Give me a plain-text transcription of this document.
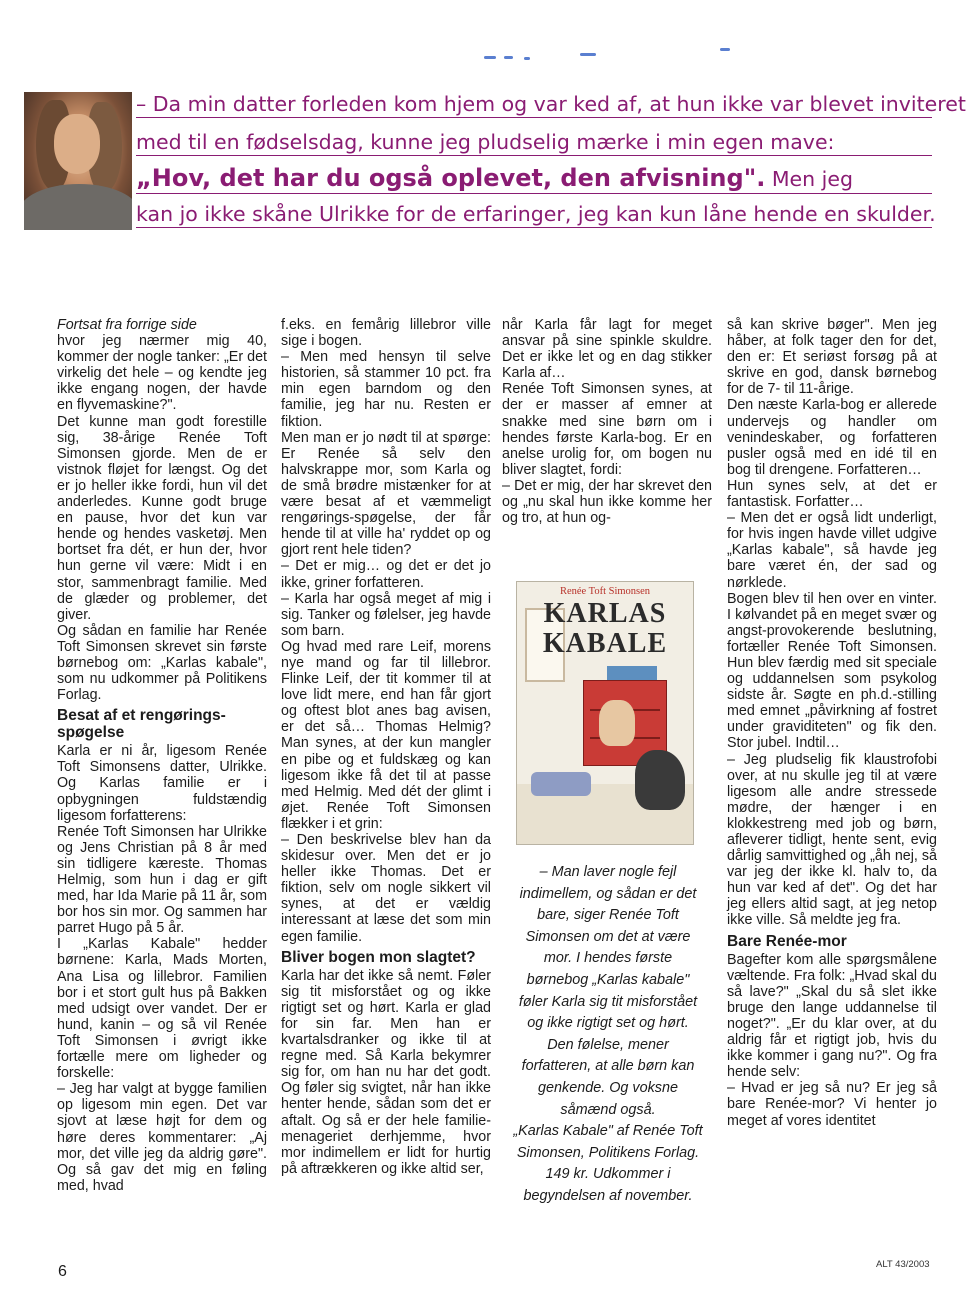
– Da min datter forleden kom hjem og var ked af, at hun ikke var blevet inviteret
med til en fødselsdag, kunne jeg pludselig mærke i min egen mave:
„Hov, det har du også oplevet, den afvisning". Men jeg
kan jo ikke skåne Ulrikke for de erfaringer, jeg kan kun låne hende en skulder.

Fortsat fra forrige side

hvor jeg nærmer mig 40, kommer der nogle tanker: „Er det virkelig det hele – og kendte jeg ikke engang nogen, der havde en flyvemaskine?".

Det kunne man godt forestille sig, 38-årige Renée Toft Simonsen gjorde. Men de er vistnok fløjet for længst. Og det er jo heller ikke fordi, hun vil det anderledes. Kunne godt bruge en pause, hvor det kun var hende og hendes vasketøj. Men bortset fra dét, er hun der, hvor hun gerne vil være: Midt i en stor, sammenbragt familie. Med de glæder og problemer, det giver.

Og sådan en familie har Renée Toft Simonsen skrevet sin første børnebog om: „Karlas kabale", som nu udkommer på Politikens Forlag.

Besat af et rengøringsspøgelse

Karla er ni år, ligesom Renée Toft Simonsens datter, Ulrikke. Og Karlas familie er i opbygningen fuldstændig ligesom forfatterens:

Renée Toft Simonsen har Ulrikke og Jens Christian på 8 år med sin tidligere kæreste. Thomas Helmig, som hun i dag er gift med, har Ida Marie på 11 år, som bor hos sin mor. Og sammen har parret Hugo på 5 år.

I „Karlas Kabale" hedder børnene: Karla, Mads Morten, Ana Lisa og lillebror. Familien bor i et stort gult hus på Bakken med udsigt over vandet. Der er hund, kanin – og så vil Renée Toft Simonsen i øvrigt ikke fortælle mere om ligheder og forskelle:

– Jeg har valgt at bygge familien op ligesom min egen. Det var sjovt at læse højt for dem og høre deres kommentarer: „Aj mor, det ville jeg da aldrig gøre". Og så gav det mig en føling med, hvad

f.eks. en femårig lillebror ville sige i bogen.

– Men med hensyn til selve historien, så stammer 10 pct. fra min egen barndom og den familie, jeg har nu. Resten er fiktion.

Men man er jo nødt til at spørge: Er Renée så selv den halvskrappe mor, som Karla og de små brødre mistænker for at være besat af et væmmeligt rengørings-spøgelse, der får hende til at ville ha' ryddet op og gjort rent hele tiden?

– Det er mig… og det er det jo ikke, griner forfatteren.

– Karla har også meget af mig i sig. Tanker og følelser, jeg havde som barn.

Og hvad med rare Leif, morens nye mand og far til lillebror. Flinke Leif, der tit kommer til at love lidt mere, end han får gjort og oftest blot anes bag avisen, er det så… Thomas Helmig? Man synes, at der kun mangler en pibe og et fuldskæg og kan ligesom ikke få det til at passe med Helmig. Med dét der glimt i øjet. Renée Toft Simonsen flækker i et grin:

– Den beskrivelse blev han da skidesur over. Men det er jo heller ikke Thomas. Det er fiktion, selv om nogle sikkert vil synes, at det er vældig interessant at læse det som min egen familie.

Bliver bogen mon slagtet?

Karla har det ikke så nemt. Føler sig tit misforstået og og ikke rigtigt set og hørt. Karla er glad for sin far. Men han er kvartalsdranker og ikke til at regne med. Så Karla bekymrer sig for, om han nu har det godt. Og føler sig svigtet, når han ikke henter hende, sådan som det er aftalt. Og så er der hele familie-menageriet derhjemme, hvor mor indimellem er lidt for hurtig på aftrækkeren og ikke altid ser,

når Karla får lagt for meget ansvar på sine spinkle skuldre. Det er ikke let og en dag stikker Karla af…

Renée Toft Simonsen synes, at der er masser af emner at snakke med sine børn om i hendes første Karla-bog. Er en anelse urolig for, om bogen nu bliver slagtet, fordi:

– Det er mig, der har skrevet den og „nu skal hun ikke komme her og tro, at hun og-

Renée Toft Simonsen
KARLAS
KABALE

– Man laver nogle fejl indimellem, og sådan er det bare, siger Renée Toft Simonsen om det at være mor. I hendes første børnebog „Karlas kabale" føler Karla sig tit misforstået og ikke rigtigt set og hørt.

Den følelse, mener forfatteren, at alle børn kan genkende. Og voksne såmænd også.

„Karlas Kabale" af Renée Toft Simonsen, Politikens Forlag. 149 kr. Udkommer i begyndelsen af november.

så kan skrive bøger". Men jeg håber, at folk tager den for det, den er: Et seriøst forsøg på at skrive en god, dansk børnebog for de 7- til 11-årige.

Den næste Karla-bog er allerede undervejs og handler om venindeskaber, og forfatteren pusler også med en idé til en bog til drengene. Forfatteren…

Hun synes selv, at det er fantastisk. Forfatter…

– Men det er også lidt underligt, for hvis ingen havde villet udgive „Karlas kabale", så havde jeg bare været én, der sad og nørklede.

Bogen blev til hen over en vinter. I kølvandet på en meget svær og angst-provokerende beslutning, fortæller Renée Toft Simonsen. Hun blev færdig med sit speciale og uddannelsen som psykolog sidste år. Søgte en ph.d.-stilling med emnet „påvirkning af fostret under graviditeten" og fik den. Stor jubel. Indtil…

– Jeg pludselig fik klaustrofobi over, at nu skulle jeg til at være ligesom alle andre stressede mødre, der hænger i en klokkestreng med job og børn, afleverer tidligt, hente sent, evig dårlig samvittighed og „åh nej, så var jeg der ikke kl. halv to, da hun var ked af det". Og det har jeg ellers altid sagt, at jeg netop ikke ville. Så meldte jeg fra.

Bare Renée-mor

Bagefter kom alle spørgsmålene væltende. Fra folk: „Hvad skal du så lave?" „Skal du så slet ikke bruge den lange uddannelse til noget?". „Er du klar over, at du aldrig får et rigtigt job, hvis du ikke kommer i gang nu?". Og fra hende selv:

– Hvad er jeg så nu? Er jeg så bare Renée-mor? Vi henter jo meget af vores identitet

6	ALT 43/2003
